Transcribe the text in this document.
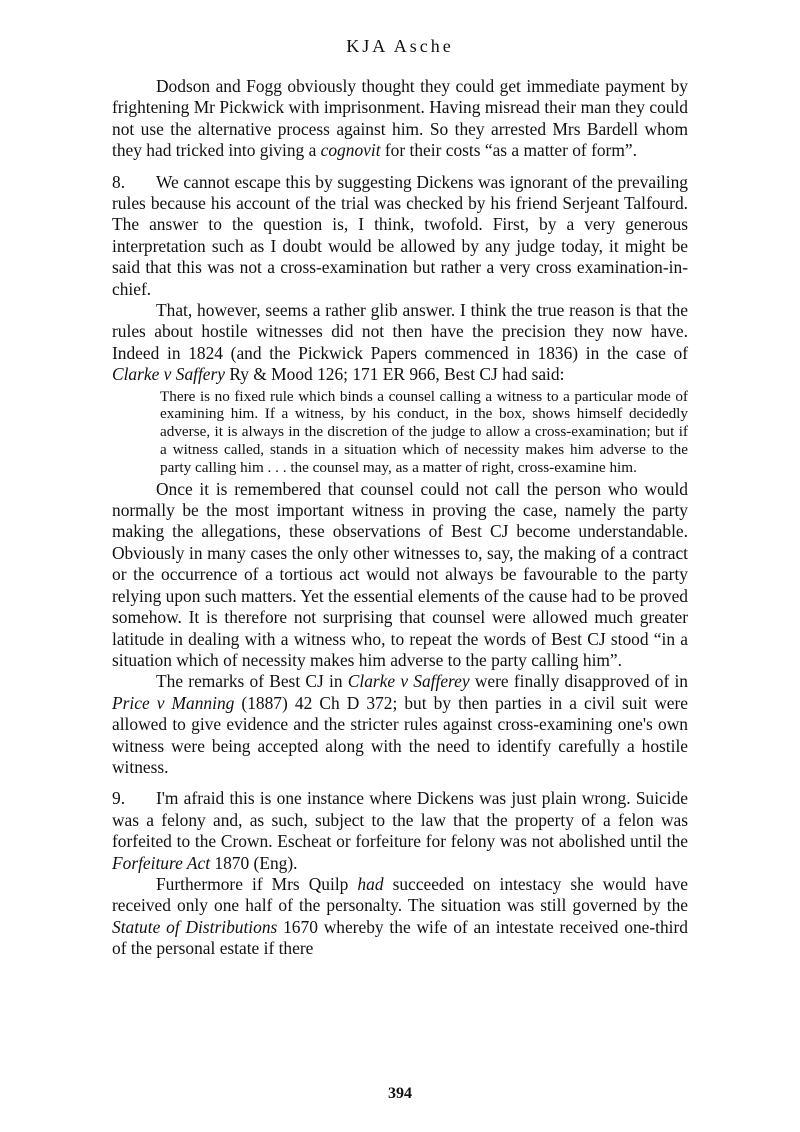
KJA Asche

Dodson and Fogg obviously thought they could get immediate payment by frightening Mr Pickwick with imprisonment. Having misread their man they could not use the alternative process against him. So they arrested Mrs Bardell whom they had tricked into giving a cognovit for their costs “as a matter of form”.

8. We cannot escape this by suggesting Dickens was ignorant of the prevailing rules because his account of the trial was checked by his friend Serjeant Talfourd. The answer to the question is, I think, twofold. First, by a very generous interpretation such as I doubt would be allowed by any judge today, it might be said that this was not a cross-examination but rather a very cross examination-in-chief.

That, however, seems a rather glib answer. I think the true reason is that the rules about hostile witnesses did not then have the precision they now have. Indeed in 1824 (and the Pickwick Papers commenced in 1836) in the case of Clarke v Saffery Ry & Mood 126; 171 ER 966, Best CJ had said:

There is no fixed rule which binds a counsel calling a witness to a particular mode of examining him. If a witness, by his conduct, in the box, shows himself decidedly adverse, it is always in the discretion of the judge to allow a cross-examination; but if a witness called, stands in a situation which of necessity makes him adverse to the party calling him . . . the counsel may, as a matter of right, cross-examine him.

Once it is remembered that counsel could not call the person who would normally be the most important witness in proving the case, namely the party making the allegations, these observations of Best CJ become understandable. Obviously in many cases the only other witnesses to, say, the making of a contract or the occurrence of a tortious act would not always be favourable to the party relying upon such matters. Yet the essential elements of the cause had to be proved somehow. It is therefore not surprising that counsel were allowed much greater latitude in dealing with a witness who, to repeat the words of Best CJ stood “in a situation which of necessity makes him adverse to the party calling him”.

The remarks of Best CJ in Clarke v Safferey were finally disapproved of in Price v Manning (1887) 42 Ch D 372; but by then parties in a civil suit were allowed to give evidence and the stricter rules against cross-examining one's own witness were being accepted along with the need to identify carefully a hostile witness.

9. I'm afraid this is one instance where Dickens was just plain wrong. Suicide was a felony and, as such, subject to the law that the property of a felon was forfeited to the Crown. Escheat or forfeiture for felony was not abolished until the Forfeiture Act 1870 (Eng).

Furthermore if Mrs Quilp had succeeded on intestacy she would have received only one half of the personalty. The situation was still governed by the Statute of Distributions 1670 whereby the wife of an intestate received one-third of the personal estate if there

394
